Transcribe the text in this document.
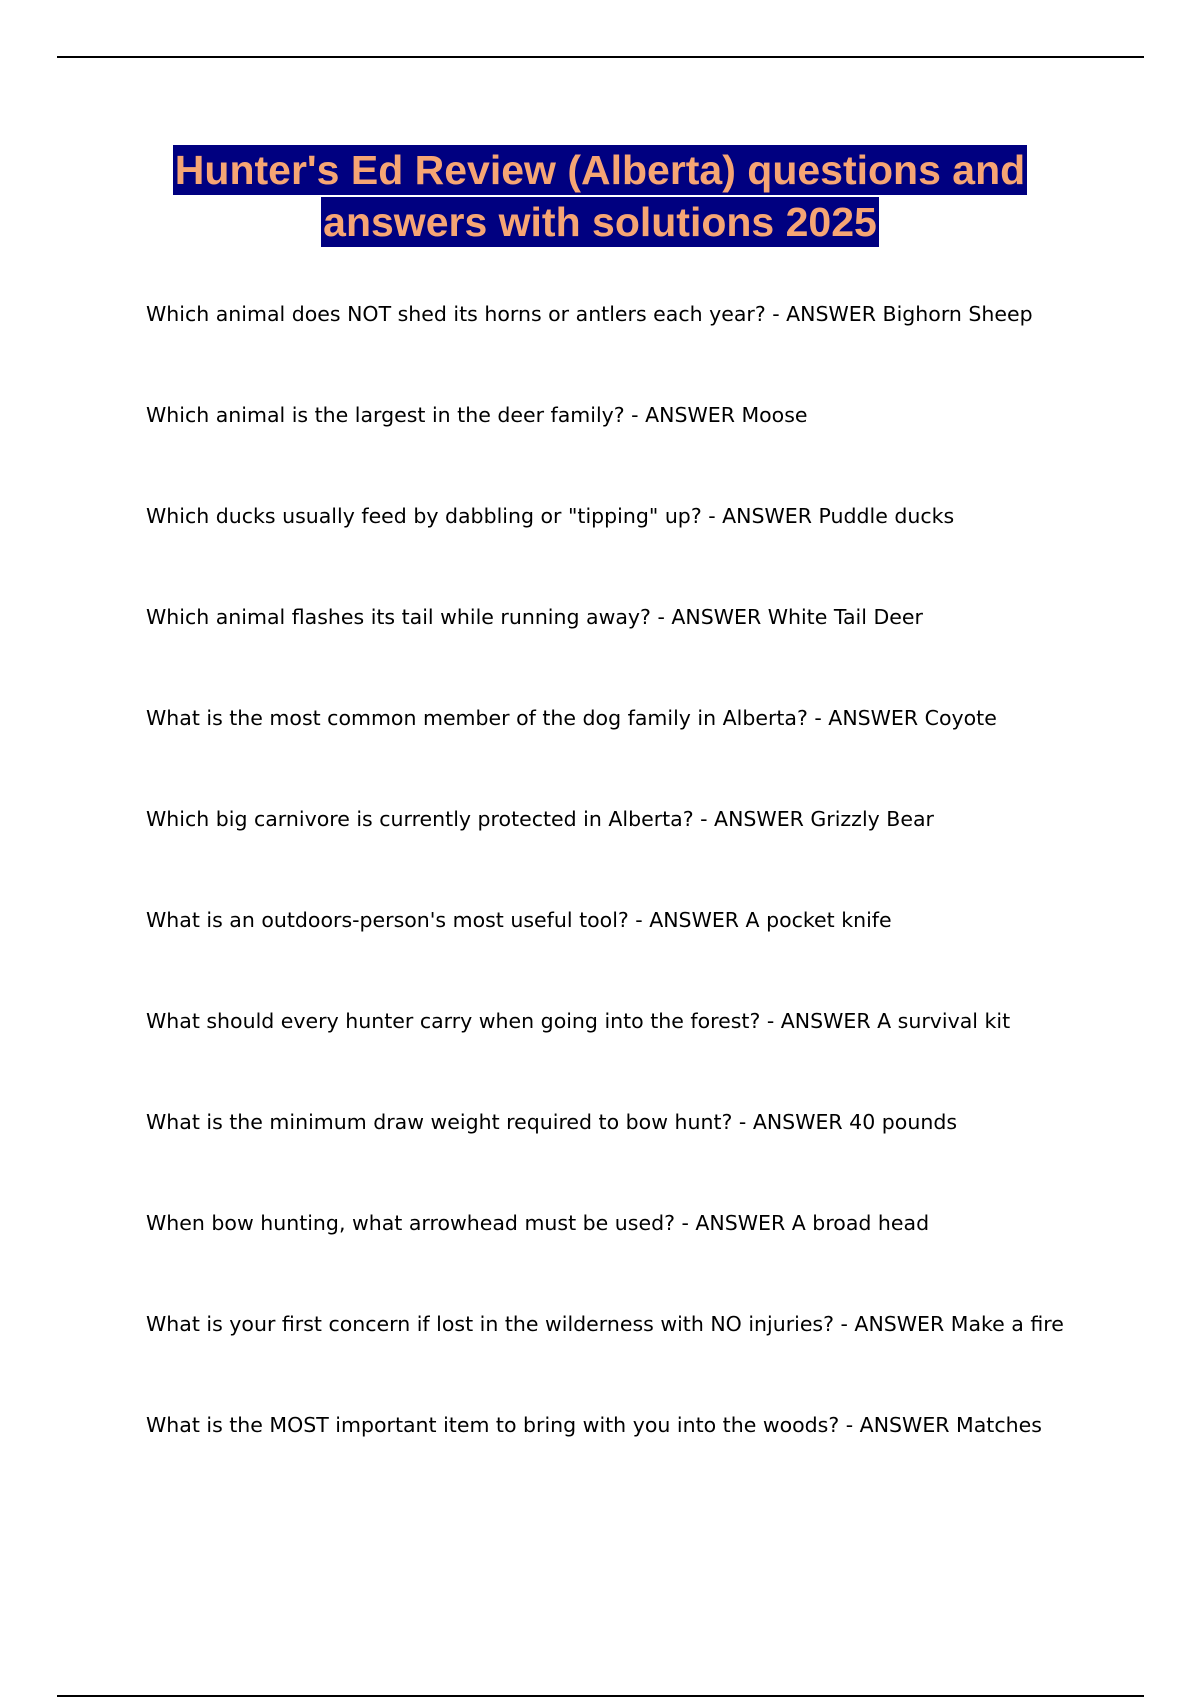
Hunter's Ed Review (Alberta) questions and
answers with solutions 2025
Which animal does NOT shed its horns or antlers each year? - ANSWER Bighorn Sheep
Which animal is the largest in the deer family? - ANSWER Moose
Which ducks usually feed by dabbling or "tipping" up? - ANSWER Puddle ducks
Which animal flashes its tail while running away? - ANSWER White Tail Deer
What is the most common member of the dog family in Alberta? - ANSWER Coyote
Which big carnivore is currently protected in Alberta? - ANSWER Grizzly Bear
What is an outdoors-person's most useful tool? - ANSWER A pocket knife
What should every hunter carry when going into the forest? - ANSWER A survival kit
What is the minimum draw weight required to bow hunt? - ANSWER 40 pounds
When bow hunting, what arrowhead must be used? - ANSWER A broad head
What is your first concern if lost in the wilderness with NO injuries? - ANSWER Make a fire
What is the MOST important item to bring with you into the woods? - ANSWER Matches
